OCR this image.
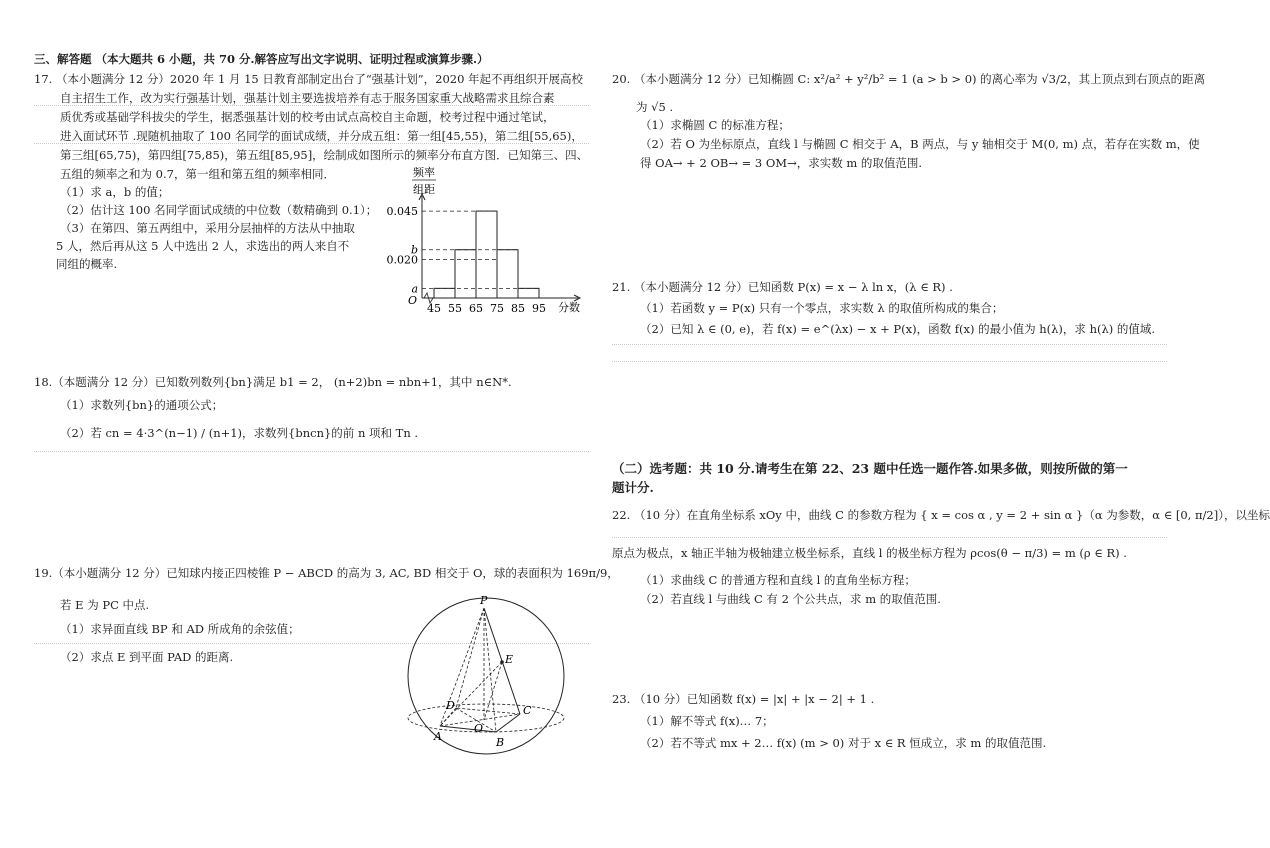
三、解答题 （本大题共 6 小题，共 70 分.解答应写出文字说明、证明过程或演算步骤.）
17. （本小题满分 12 分）2020 年 1 月 15 日教育部制定出台了“强基计划”，2020 年起不再组织开展高校
自主招生工作，改为实行强基计划，强基计划主要选拔培养有志于服务国家重大战略需求且综合素
质优秀或基础学科拔尖的学生，据悉强基计划的校考由试点高校自主命题，校考过程中通过笔试，
进入面试环节 .现随机抽取了 100 名同学的面试成绩，并分成五组：第一组[45,55)，第二组[55,65)，
第三组[65,75)，第四组[75,85)，第五组[85,95]，绘制成如图所示的频率分布直方图．已知第三、四、
五组的频率之和为 0.7，第一组和第五组的频率相同．
（1）求 a，b 的值；
（2）估计这 100 名同学面试成绩的中位数（数精确到 0.1）；
（3）在第四、第五两组中，采用分层抽样的方法从中抽取
5 人，然后再从这 5 人中选出 2 人，求选出的两人来自不
同组的概率.
频率
组距
O
分数
0.045
b
0.020
a
45 55 65 75 85 95
18.（本题满分 12 分）已知数列数列{bn}满足 b1 = 2， (n+2)bn = nbn+1，其中 n∈N*.
（1）求数列{bn}的通项公式；
（2）若 cn = 4·3^(n−1) / (n+1)，求数列{bncn}的前 n 项和 Tn .
19.（本小题满分 12 分）已知球内接正四棱锥 P − ABCD 的高为 3, AC, BD 相交于 O，球的表面积为 169π/9，
若 E 为 PC 中点.
（1）求异面直线 BP 和 AD 所成角的余弦值；
（2）求点 E 到平面 PAD 的距离.
P
E
D	C
O
A	B
20. （本小题满分 12 分）已知椭圆 C: x²/a² + y²/b² = 1 (a > b > 0) 的离心率为 √3/2，其上顶点到右顶点的距离
为 √5 .
（1）求椭圆 C 的标准方程；
（2）若 O 为坐标原点，直线 l 与椭圆 C 相交于 A，B 两点，与 y 轴相交于 M(0, m) 点，若存在实数 m，使
得 OA→ + 2 OB→ = 3 OM→，求实数 m 的取值范围.
21. （本小题满分 12 分）已知函数 P(x) = x − λ ln x，(λ ∈ R) .
（1）若函数 y = P(x) 只有一个零点，求实数 λ 的取值所构成的集合；
（2）已知 λ ∈ (0, e)，若 f(x) = e^(λx) − x + P(x)，函数 f(x) 的最小值为 h(λ)，求 h(λ) 的值域.
（二）选考题：共 10 分.请考生在第 22、23 题中任选一题作答.如果多做，则按所做的第一
题计分.
22. （10 分）在直角坐标系 xOy 中，曲线 C 的参数方程为 { x = cos α , y = 2 + sin α }（α 为参数，α ∈ [0, π/2]），以坐标
原点为极点，x 轴正半轴为极轴建立极坐标系，直线 l 的极坐标方程为 ρcos(θ − π/3) = m (ρ ∈ R) .
（1）求曲线 C 的普通方程和直线 l 的直角坐标方程；
（2）若直线 l 与曲线 C 有 2 个公共点，求 m 的取值范围.
23. （10 分）已知函数 f(x) = |x| + |x − 2| + 1 .
（1）解不等式 f(x)… 7；
（2）若不等式 mx + 2… f(x) (m > 0) 对于 x ∈ R 恒成立，求 m 的取值范围.
